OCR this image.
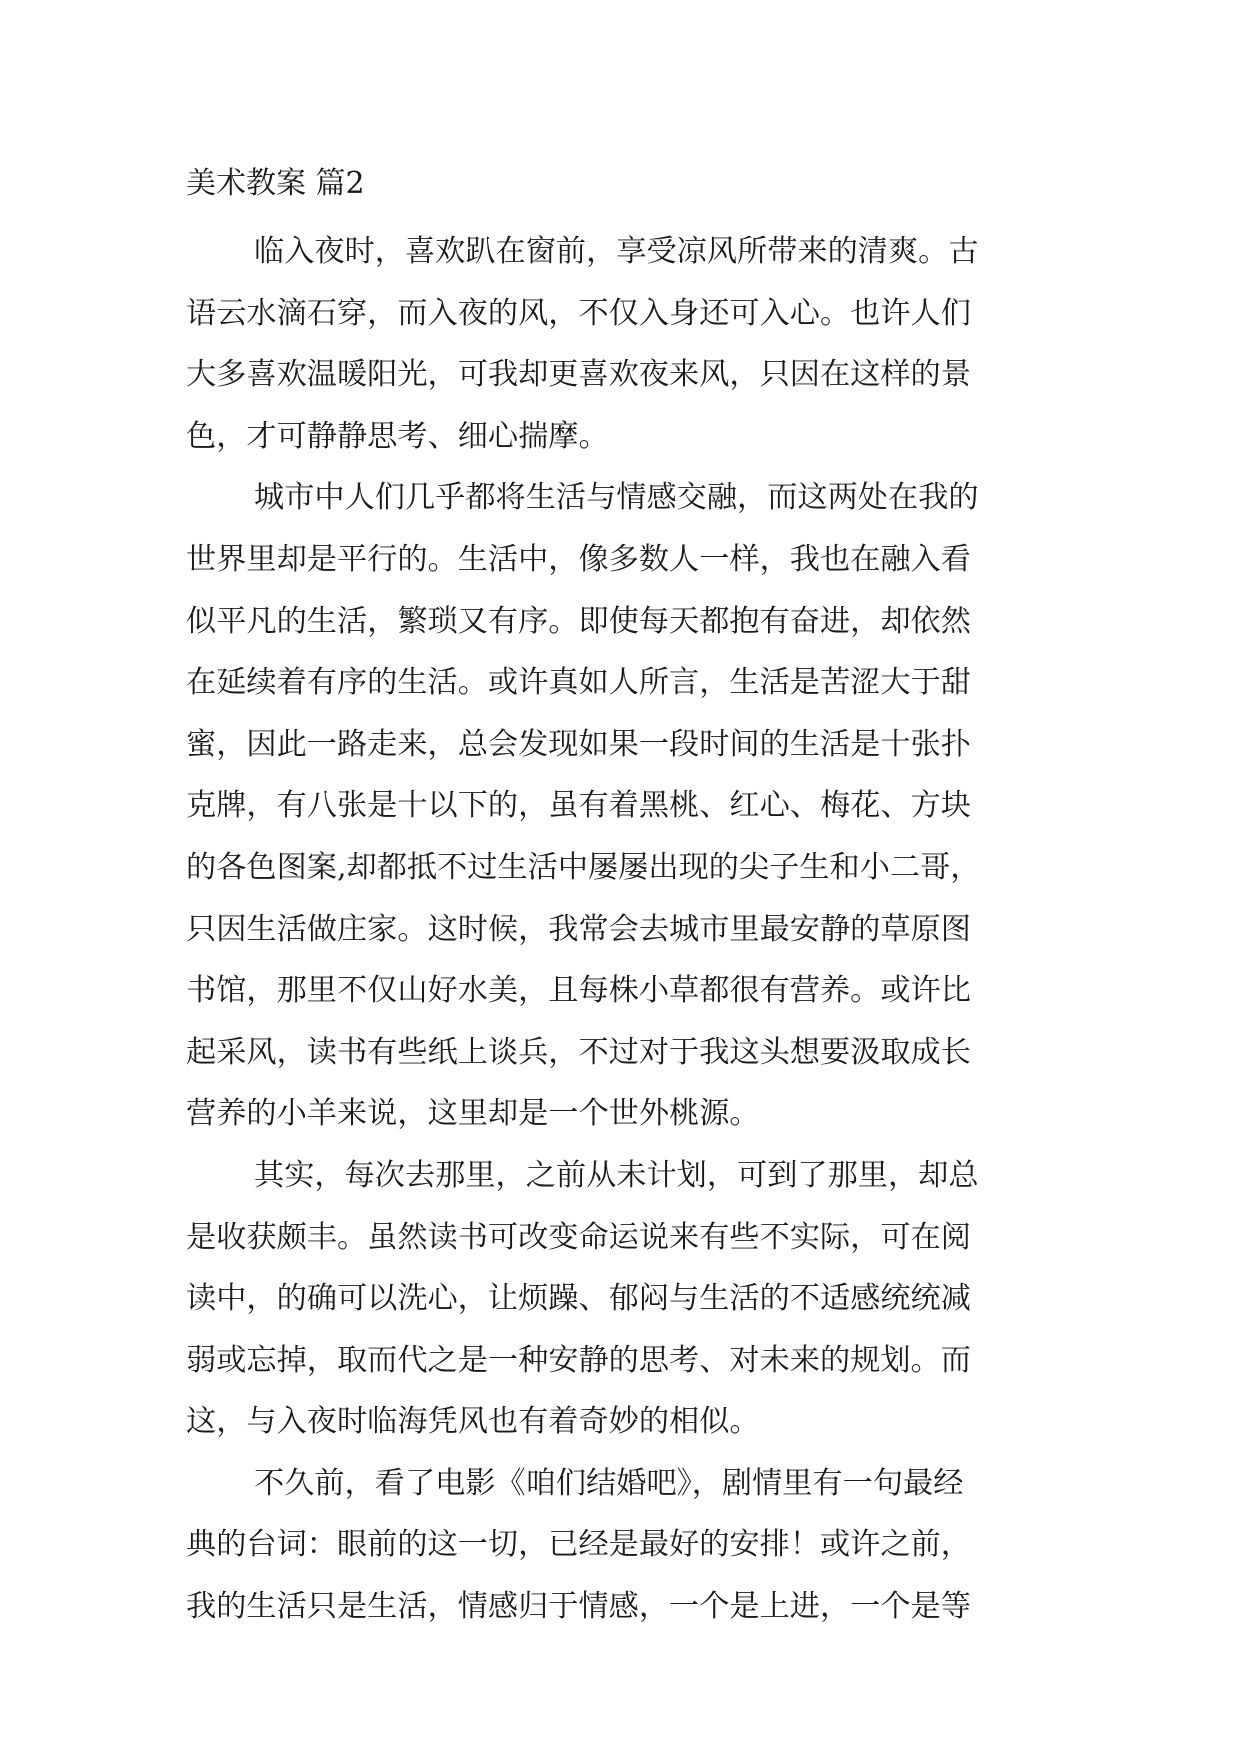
美术教案 篇2
临入夜时，喜欢趴在窗前，享受凉风所带来的清爽。古
语云水滴石穿，而入夜的风，不仅入身还可入心。也许人们
大多喜欢温暖阳光，可我却更喜欢夜来风，只因在这样的景
色，才可静静思考、细心揣摩。
城市中人们几乎都将生活与情感交融，而这两处在我的
世界里却是平行的。生活中，像多数人一样，我也在融入看
似平凡的生活，繁琐又有序。即使每天都抱有奋进，却依然
在延续着有序的生活。或许真如人所言，生活是苦涩大于甜
蜜，因此一路走来，总会发现如果一段时间的生活是十张扑
克牌，有八张是十以下的，虽有着黑桃、红心、梅花、方块
的各色图案,却都抵不过生活中屡屡出现的尖子生和小二哥，
只因生活做庄家。这时候，我常会去城市里最安静的草原图
书馆，那里不仅山好水美，且每株小草都很有营养。或许比
起采风，读书有些纸上谈兵，不过对于我这头想要汲取成长
营养的小羊来说，这里却是一个世外桃源。
其实，每次去那里，之前从未计划，可到了那里，却总
是收获颇丰。虽然读书可改变命运说来有些不实际，可在阅
读中，的确可以洗心，让烦躁、郁闷与生活的不适感统统减
弱或忘掉，取而代之是一种安静的思考、对未来的规划。而
这，与入夜时临海凭风也有着奇妙的相似。
不久前，看了电影《咱们结婚吧》，剧情里有一句最经
典的台词：眼前的这一切，已经是最好的安排！或许之前，
我的生活只是生活，情感归于情感，一个是上进，一个是等
